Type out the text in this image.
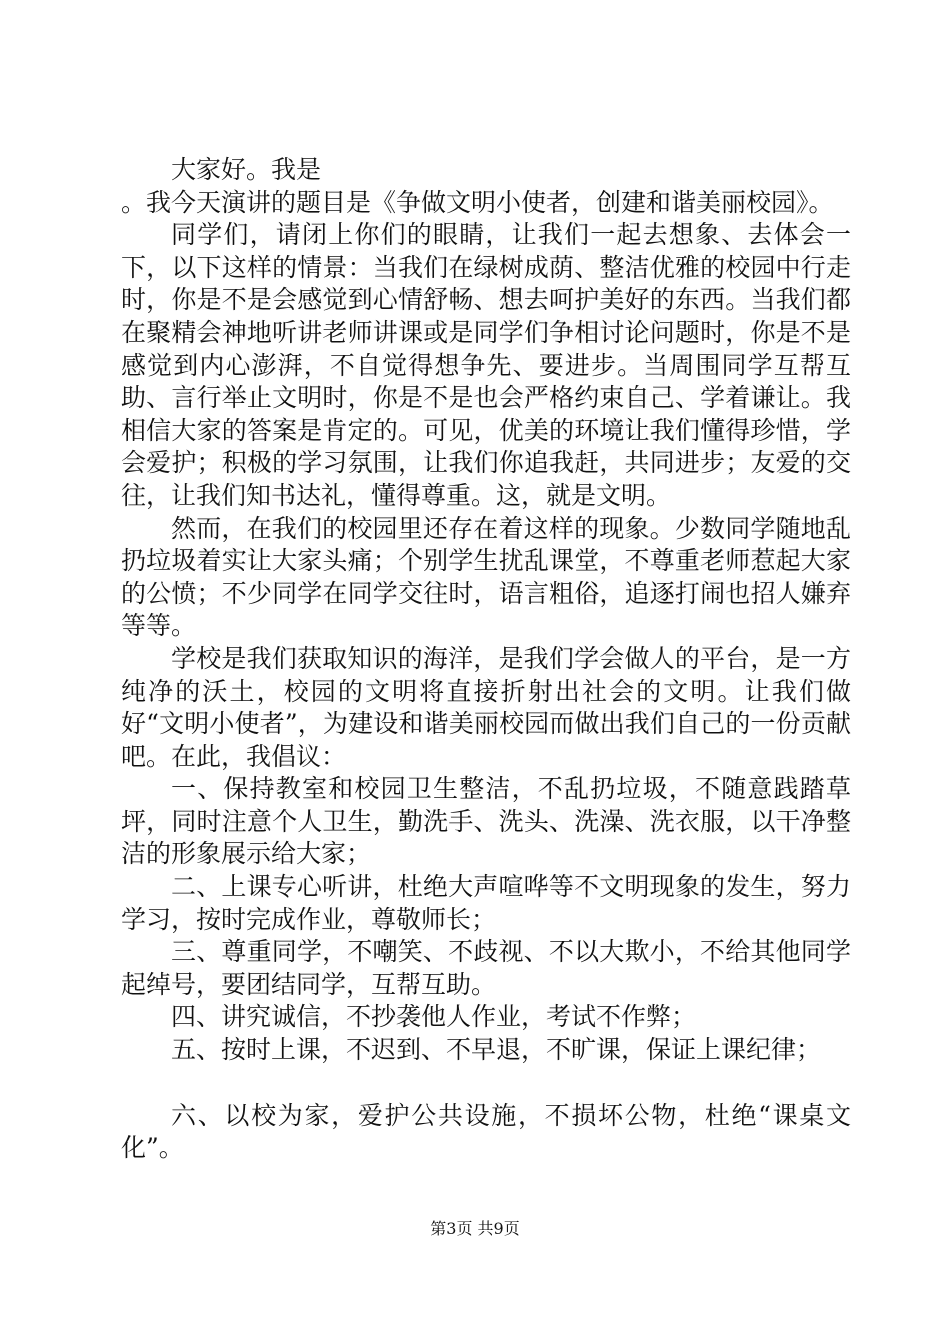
大家好。我是

。我今天演讲的题目是《争做文明小使者，创建和谐美丽校园》。

同学们，请闭上你们的眼睛，让我们一起去想象、去体会一下，以下这样的情景：当我们在绿树成荫、整洁优雅的校园中行走时，你是不是会感觉到心情舒畅、想去呵护美好的东西。当我们都在聚精会神地听讲老师讲课或是同学们争相讨论问题时，你是不是感觉到内心澎湃，不自觉得想争先、要进步。当周围同学互帮互助、言行举止文明时，你是不是也会严格约束自己、学着谦让。我相信大家的答案是肯定的。可见，优美的环境让我们懂得珍惜，学会爱护；积极的学习氛围，让我们你追我赶，共同进步；友爱的交往，让我们知书达礼，懂得尊重。这，就是文明。

然而，在我们的校园里还存在着这样的现象。少数同学随地乱扔垃圾着实让大家头痛；个别学生扰乱课堂，不尊重老师惹起大家的公愤；不少同学在同学交往时，语言粗俗，追逐打闹也招人嫌弃等等。

学校是我们获取知识的海洋，是我们学会做人的平台，是一方纯净的沃土，校园的文明将直接折射出社会的文明。让我们做好“文明小使者”，为建设和谐美丽校园而做出我们自己的一份贡献吧。在此，我倡议：

一、保持教室和校园卫生整洁，不乱扔垃圾，不随意践踏草坪，同时注意个人卫生，勤洗手、洗头、洗澡、洗衣服，以干净整洁的形象展示给大家；

二、上课专心听讲，杜绝大声喧哗等不文明现象的发生，努力学习，按时完成作业，尊敬师长；

三、尊重同学，不嘲笑、不歧视、不以大欺小，不给其他同学起绰号，要团结同学，互帮互助。

四、讲究诚信，不抄袭他人作业，考试不作弊；

五、按时上课，不迟到、不早退，不旷课，保证上课纪律；

六、以校为家，爱护公共设施，不损坏公物，杜绝“课桌文化”。

第3页 共9页
